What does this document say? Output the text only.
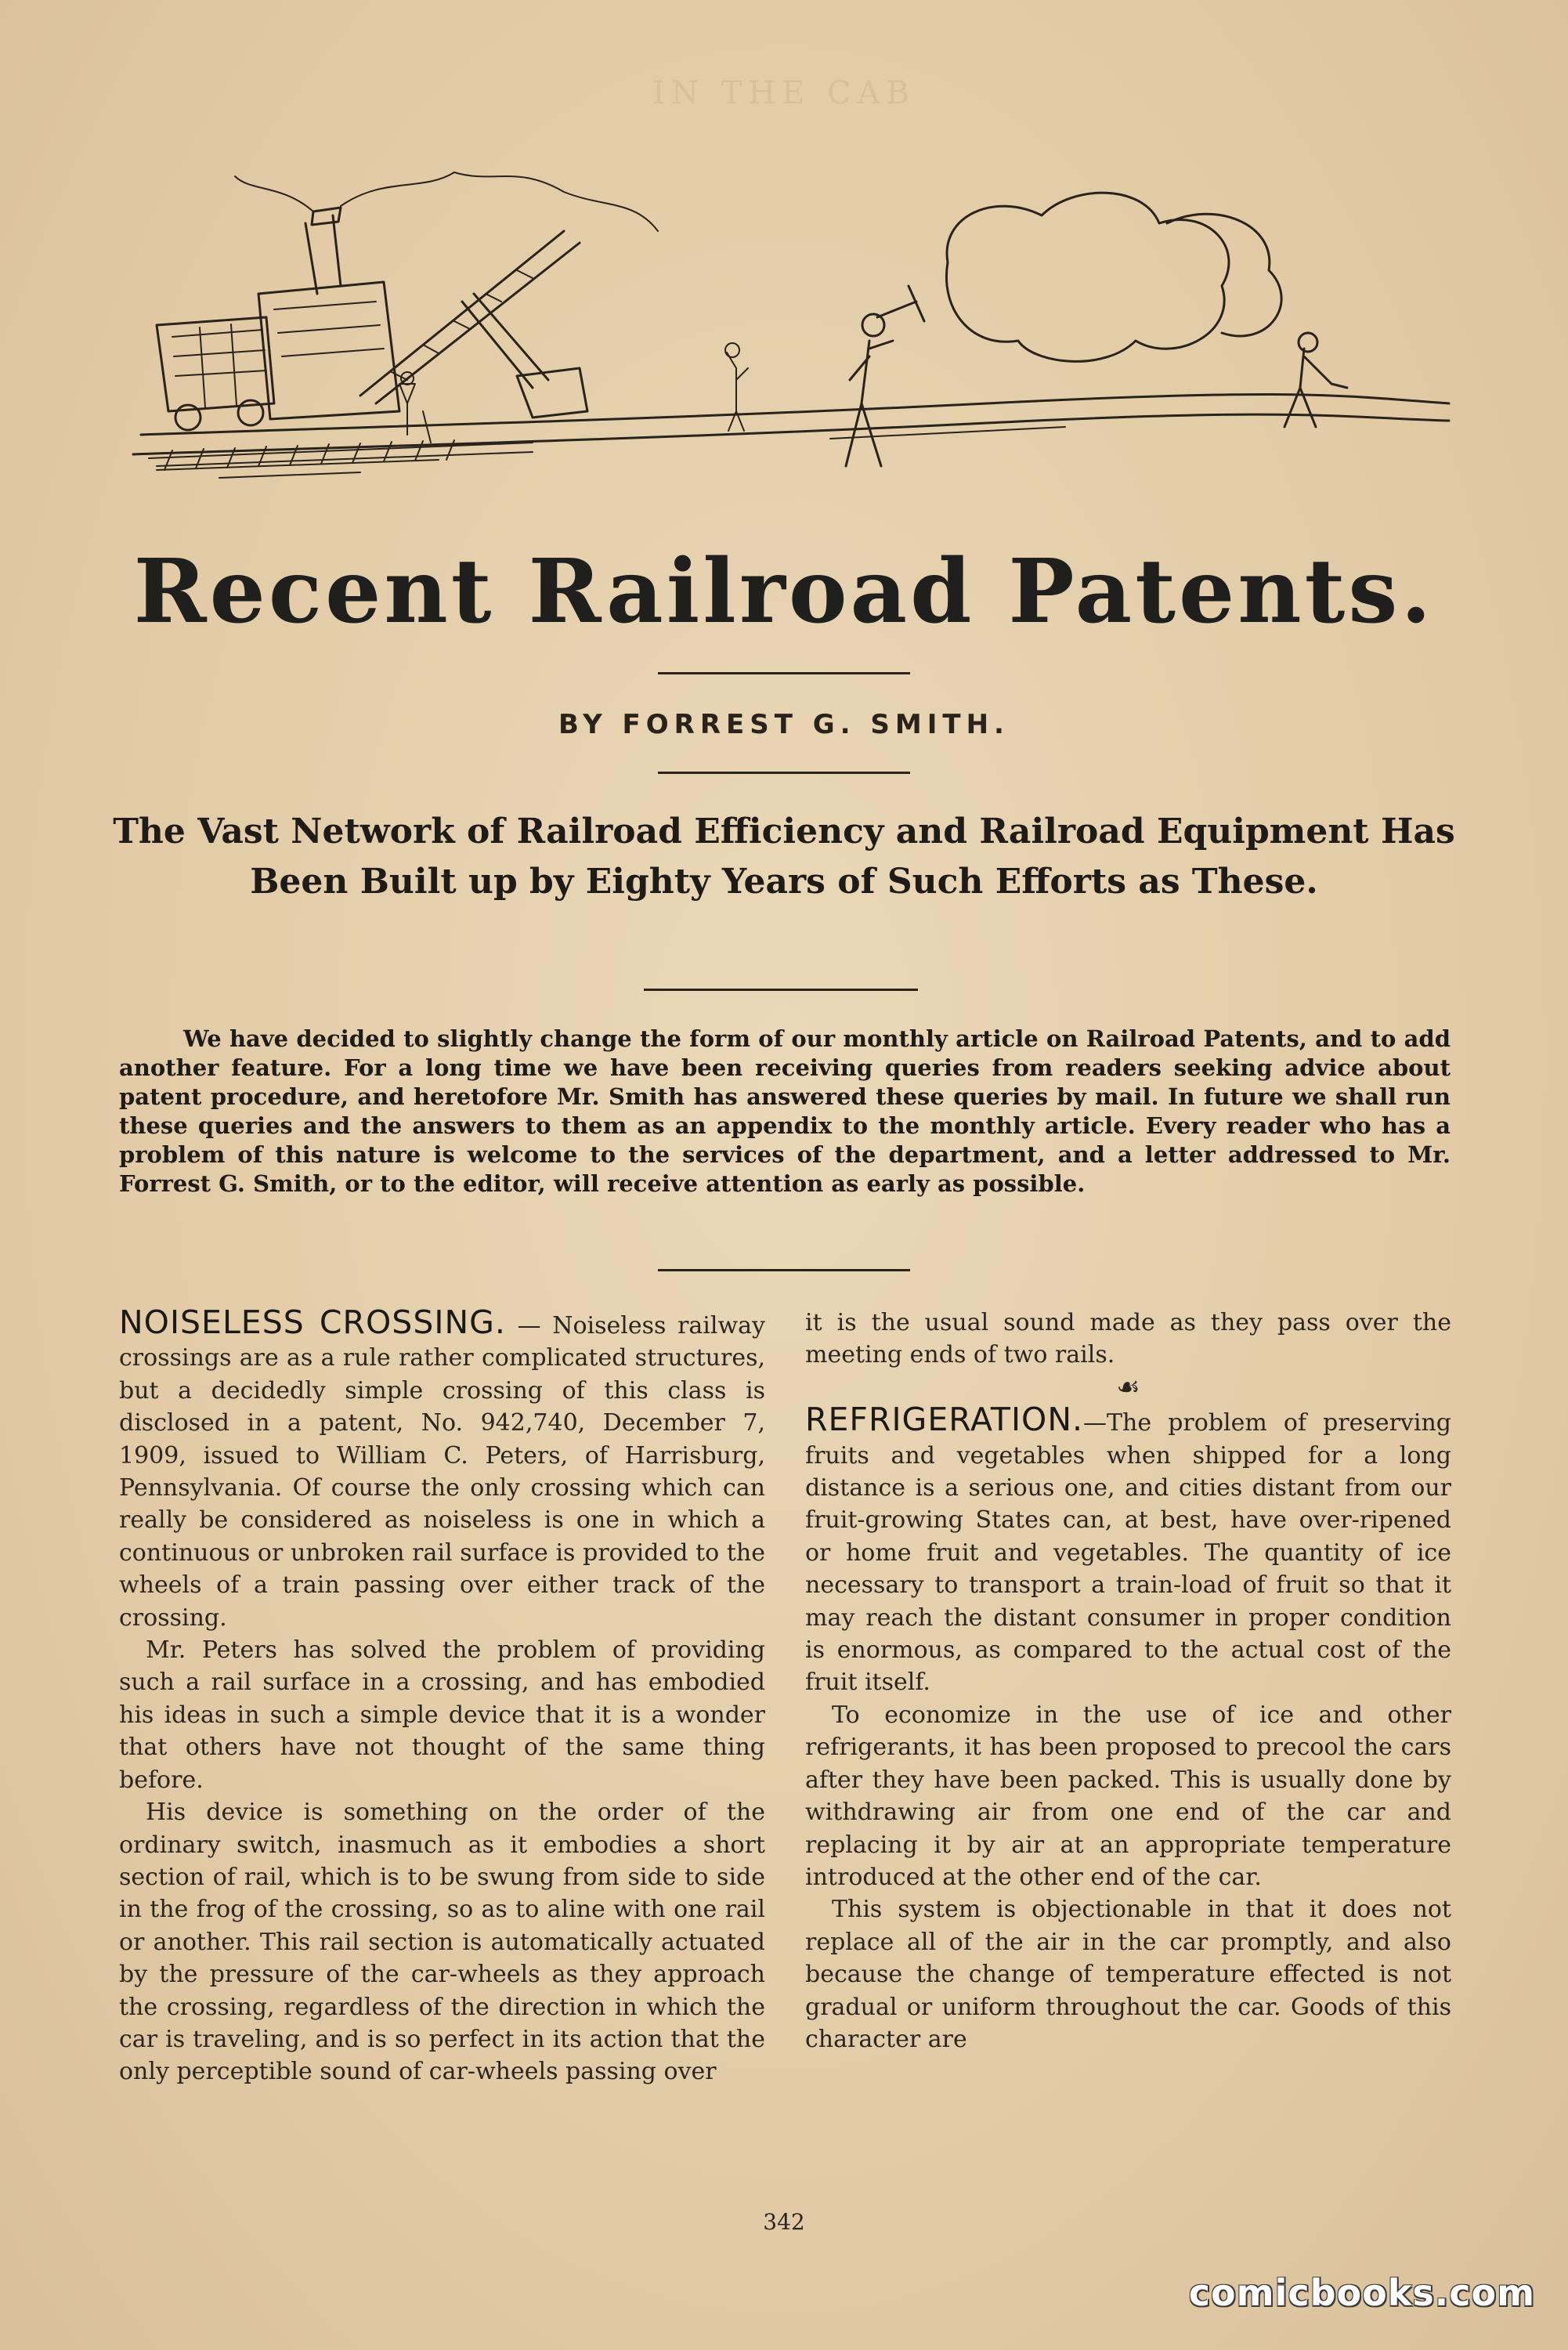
IN THE CAB
Recent Railroad Patents.
BY FORREST G. SMITH.
The Vast Network of Railroad Efficiency and Railroad Equipment Has Been Built up by Eighty Years of Such Efforts as These.
We have decided to slightly change the form of our monthly article on Railroad Patents, and to add another feature. For a long time we have been receiving queries from readers seeking advice about patent procedure, and heretofore Mr. Smith has answered these queries by mail. In future we shall run these queries and the answers to them as an appendix to the monthly article. Every reader who has a problem of this nature is welcome to the services of the department, and a letter addressed to Mr. Forrest G. Smith, or to the editor, will receive attention as early as possible.

NOISELESS CROSSING. — Noiseless railway crossings are as a rule rather complicated structures, but a decidedly simple crossing of this class is disclosed in a patent, No. 942,740, December 7, 1909, issued to William C. Peters, of Harrisburg, Pennsylvania. Of course the only crossing which can really be considered as noiseless is one in which a continuous or unbroken rail surface is provided to the wheels of a train passing over either track of the crossing.

Mr. Peters has solved the problem of providing such a rail surface in a crossing, and has embodied his ideas in such a simple device that it is a wonder that others have not thought of the same thing before.

His device is something on the order of the ordinary switch, inasmuch as it embodies a short section of rail, which is to be swung from side to side in the frog of the crossing, so as to aline with one rail or another. This rail section is automatically actuated by the pressure of the car-wheels as they approach the crossing, regardless of the direction in which the car is traveling, and is so perfect in its action that the only perceptible sound of car-wheels passing over

it is the usual sound made as they pass over the meeting ends of two rails.

☙

REFRIGERATION.—The problem of preserving fruits and vegetables when shipped for a long distance is a serious one, and cities distant from our fruit-growing States can, at best, have over-ripened or home fruit and vegetables. The quantity of ice necessary to transport a train-load of fruit so that it may reach the distant consumer in proper condition is enormous, as compared to the actual cost of the fruit itself.

To economize in the use of ice and other refrigerants, it has been proposed to precool the cars after they have been packed. This is usually done by withdrawing air from one end of the car and replacing it by air at an appropriate temperature introduced at the other end of the car.

This system is objectionable in that it does not replace all of the air in the car promptly, and also because the change of temperature effected is not gradual or uniform throughout the car. Goods of this character are

342
comicbooks.com
